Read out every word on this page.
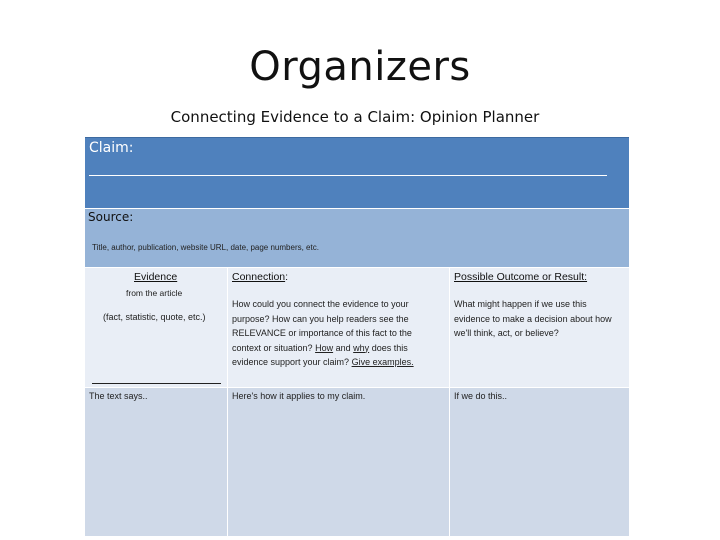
Organizers
Connecting Evidence to a Claim: Opinion Planner
Claim:
Source:
Title, author, publication, website URL, date, page numbers, etc.
Evidence
from the article
(fact, statistic, quote, etc.)
The text says..
Connection:
How could you connect the evidence to your purpose? How can you help readers see the RELEVANCE or importance of this fact to the context or situation? How and why does this evidence support your claim? Give examples.
Here's how it applies to my claim.
Possible Outcome or Result:
What might happen if we use this evidence to make a decision about how we'll think, act, or believe?
If we do this..
